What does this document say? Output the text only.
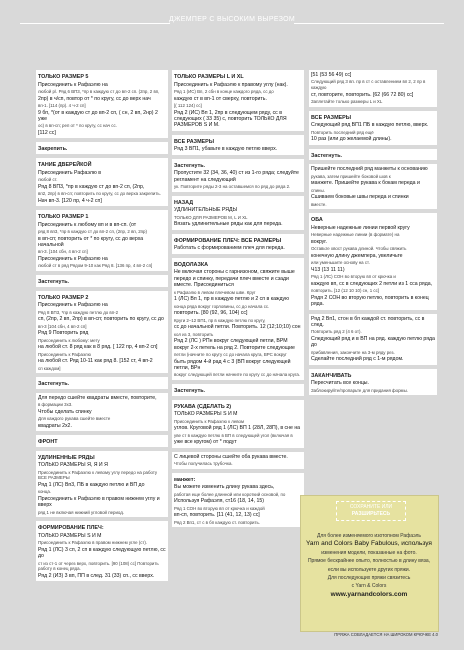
ДЖЕМПЕР С ВЫСОКИМ ВЫРЕЗОМ
ТОЛЬКО РАЗМЕР 5
Присоединить к Рафаэлю на
любой р\. Ряд 6 ВП3, *пр в каждую ст до вп-2 сп. (2пр, 2 вп,
2пр) в ч/сп, повтор от * по кругу, сс до верх нач
вп-1. [114 (пр). 4 ч-2 сп]
9 бп, *(от в каждую ст до вп-2 сп, ( сн, 2 вп, 2нр) 2 уже
ос) в вп-сп; реп от * по кругу, сс нач сс.
[112 сс]
Закрепить.
ТАНИЕ ДВЕРЕЙКОЙ
Присоединить Рафаэлю в
любой ст.
Ряд 8 ВП3, *пр в каждую ст до вп-2 сп, (2пр,
вп2, 2пр) в вп-сп; повторить по кругу, сс до верха закрепить.
Нач вп-3. [120 пр, 4 ч-2 сп]
ТОЛЬКО РАЗМЕР 1
Присоединить к любому вп и в вп-сп. (от
ряд 8 вп3, *пр в каждую ст до вп-2 сп, (2пр, 2 вп, 2пр)
в вп-сп; повторить от * по кругу, сс до верха начальной
вп-3. [104 сбн, 4 вп-2 сп]
Присоединить к Рафаэлю на
любой ст в ряд Рядом 9-10 как Ряд 8. [136 пр, 4 вп-2 сп]
Застегнуть.
ТОЛЬКО РАЗМЕР 2
Присоединить к Рафаэлю на
Ряд 8 ВП3, *пр в каждую петлю до вп-2
сп, (2пр, 2 вп, 2пр) в вп-сп; повторить по кругу, сс до
вп-3 [104 сбн, 4 вп-2 сп]
Ряд 9 Повторить ряд
Присоединить к любому: мету
на любой ст. 8 ряд как в 8 ряд. [ 122 пр, 4 вп-2 сп]
Присоединить к Рафаэлю
на любой ст. Ряд 10-11 как ряд 8. [152 ст, 4 вп-2
сп каждом]
Застегнуть.
Для передо сшейте квадраты вместе, повторите,
в формации 3х3.
Чтобы сделать спинку
Для каждого рукава сшейте вместе
квадраты 2х2.
ФРОНТ
УДЛИНЕННЫЕ РЯДЫ
ТОЛЬКО РАЗМЕРЫ Я, Я И Я
Присоединить к Рафаэлю к левому углу передо на работу ВСЕ РАЗМЕРЫ
Ряд 1 (ЛС) Вп3, ПБ в каждую петлю и ВП до
конца.
Присоединить к Рафаэлю в правом нижнем углу и вверх
ряд 1 не включая нижний угловой период.
ФОРМИРОВАНИЕ ПЛЕЧ:
ТОЛЬКО РАЗМЕРЫ S И M
Присоединить к Рафаэлю в правом нижнем угле (ст).
Ряд 1 (ЛС) 3 сп, 2 сп в каждую следующую петлю, сс до
ст из ст-1 от через верх, повторить. [90 (108) сс] Повторить работу в конец ряда.
Ряд 2 (ИЗ) 3 вп, ПП в след. 31 (33) сп., сс вверх.
ТОЛЬКО РАЗМЕРЫ L И XL
Присоединить к Рафаэлю к правому углу (нак).
Ряд 1 (ИС) Вп, 2 сбн в конце каждого ряда, сс до
каждую ст в вп-1 от сверху, повторить.
[( 112 124) сс]
Ряд 2 (ИС) Вп 1, 2пр в следующем ряду, сс в следующих ( 33 35) с, повторить ТОЛЬКО ДЛЯ РАЗМЕРОВ S И M.
ВСЕ РАЗМЕРЫ
Ряд 3 ВП1, убавьте в каждую петлю вверх.
Застегнуть.
Пропустите 32 (34, 36, 40) ст из 1-го ряда; следуйте регламент на следующий
ук. Повторите ряды 2-3 на оставшемся по ряд до ряда 2.
НАЗАД
УДЛИНИТЕЛЬНЫЕ РЯДЫ
ТОЛЬКО ДЛЯ РАЗМЕРОВ M, L И XL
Вязать удлинительные ряды как для переда.
ФОРМИРОВАНИЕ ПЛЕЧ: ВСЕ РАЗМЕРЫ
Работать с формированием плеч для переда.
ВОДОЛАЗКА
Не включая стороны с гарнизоном, свяжите выше передо и спинку, передачи плеч вместе и сзади вместе. Присоединиться
к Рафаэлю в левом плечевом шве. Круг
1 (ЛС) Вп 1, пр в каждую петлю и 2 сп в каждую
конца ряда вокруг горловины, сс до начала сс.
повторить. [80 (92, 96, 104) сс]
Круги 2–12 ВП1, пр в каждую петлю по кругу,
сс до начальной петли. Повторить. 12 (12;10;10) сон
кол из 3, повторить
Ряд 2 (ЛС ) РПн вокруг следующей петли, ВРМ вокруг 2-х петель на ряд 2. Повторите следующие
петли (начните по кругу сс до начала круга, ВРС вокруг
быть рядом 4-й рад 4 с 3 (ВП вокруг следующей петли, ВРн
вокруг следующей петли начните по кругу сс до начала круга.
Застегнуть.
РУКАВА (СДЕЛАТЬ 2)
ТОЛЬКО РАЗМЕРЫ S И M
Присоединить к Рафаэлю к левом
углов. Круговой ряд 1 (ЛС) ВП 1 (28Л, 28П), в сне на
уве ст в каждую петлю в ВП в следующей угол (включая в
уже все кругом) от * подут
С лицевой стороны сшейте оба рукава вместе.
Чтобы получилась трубочка.
манжет:
Вы можете изменить длину рукава здесь,
работая еще более длинной или короткий основой, по
Используя Рафаэля, ст16 (18, 14, 15)
Ряд 1 СОН во вторую вп от крючка и каждой
вп-сп, повторить. [11 (41, 12, 13) сс]
Ряд 2 Вп1, ст с в бп каждую ст. повторить.
[51 (53 56 49) сс]
Следующий ряд 3 вп. пр в ст с оставлением вп 2, 2 пр в каждую
ст, повторите, повторить. [62 (66 72 80) сс]
Заплетайте только размеры L и XL
ВСЕ РАЗМЕРЫ
Следующий ряд ВП1 ПБ в каждую петлю, вверх.
Повторить последний ряд ещё
10 раз (или до желаемой длины).
Застегнуть.
Пришейте последний ряд манжеты к основанию
рукава, затем пришейте боковой шов к
манжете. Пришейте рукава к бокам переда и
спины.
Сшиваем боковые швы переда и спинки
вместе.
ОБА
Неверные надежные линии первой кругу
Неверные надежные линии (в формате) на
вокруг.
Оставьте хвост рукава длиной. Чтобы свяжить
конечную длину джемпера, увеличьте
или уменьшите основу на ст.
Ч13 (13 11 11)
Ряд 1 (ЛС) СОН во вторую вп от крючка и
каждую вп, сс в следующих 2 петли из 1 сса ряда,
повторить. [12 (12 10 10) сн, 1 сс]
Рядя 2 СОН во вторую петлю, повторить в конец ряда.
Ряд 2 Вп1, стон в бп каждой ст. повторить, сс в след.
Повторить ряд 2 (4 6 от).
Следующий ряд и в ВП на ряд. каждую петлю ряда до
прибавления, закончите на 3-м ряду рез.
Сделайте последний ряд с 1-м рядом.
ЗАКАНЧИВАТЬ
Пересчитать все концы.
Заблокируйте/пропарьте для придания формы.
СОХРАНИТЕ ИЛИ
РАЗШИРЬТЕСЬ
Для более изменяемого изотопном Рафаэль
Yarn and Colors Baby Fabulous, используя
изменения модели, показанные на фото.
Прямое бескрайнее опыто, полностью в длину вяза,
если вы используете других пряжи.
Для последующих пряжи связитесь
с Yarn & Colors
www.yarnandcolors.com
ПРЯЖА СОВЛАДАЕТСЯ НА ШИРОКОМ КРЮЧКЕ 4.0
